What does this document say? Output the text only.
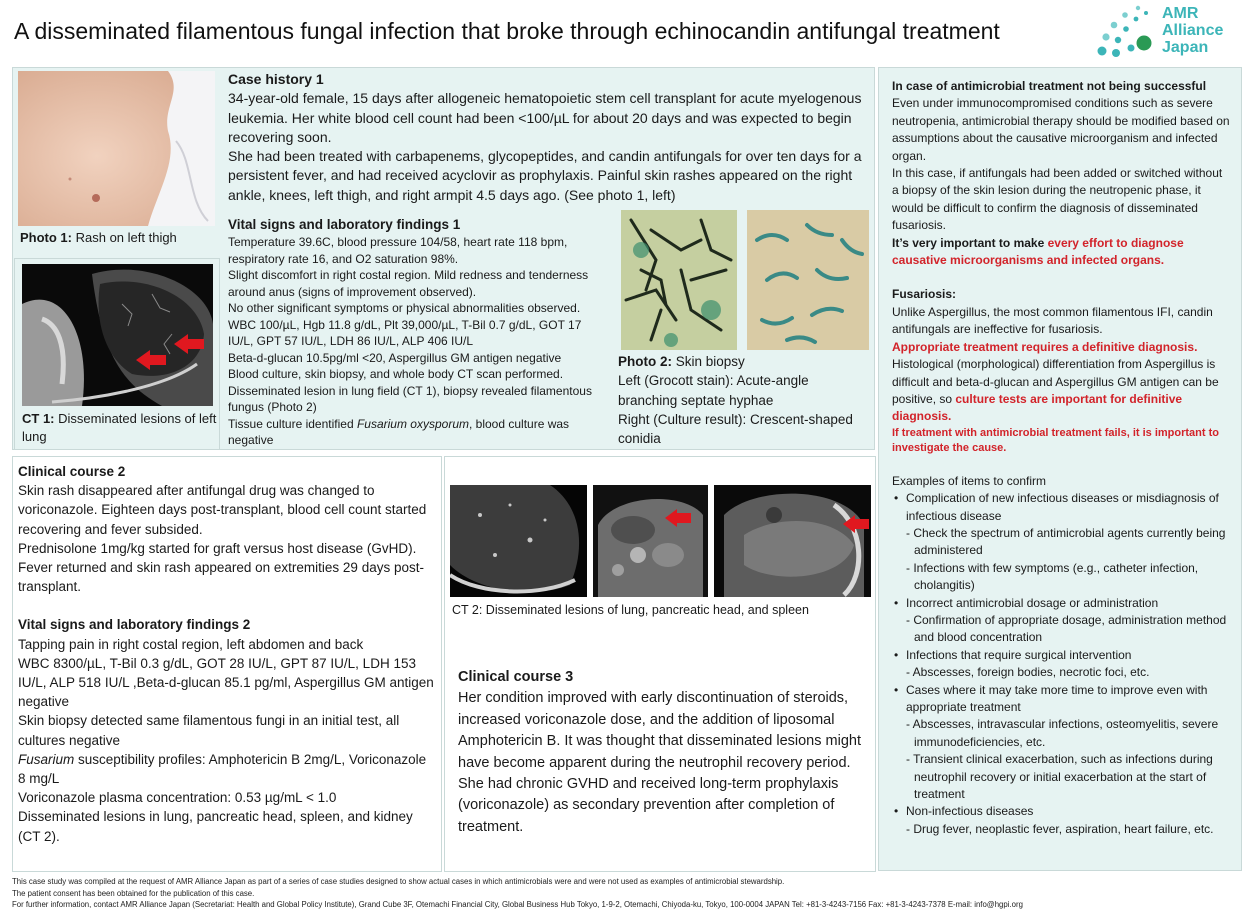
A disseminated filamentous fungal infection that broke through echinocandin antifungal treatment
AMR
Alliance
Japan
Photo 1: Rash on left thigh
CT 1: Disseminated lesions of left lung
Case history 1
34-year-old female, 15 days after allogeneic hematopoietic stem cell transplant for acute myelogenous leukemia. Her white blood cell count had been <100/µL for about 20 days and was expected to begin recovering soon.
She had been treated with carbapenems, glycopeptides, and candin antifungals for over ten days for a persistent fever, and had received acyclovir as prophylaxis. Painful skin rashes appeared on the right ankle, knees, left thigh, and right armpit 4.5 days ago. (See photo 1, left)
Vital signs and laboratory findings 1
Temperature 39.6C, blood pressure 104/58, heart rate 118 bpm, respiratory rate 16, and O2 saturation 98%.
Slight discomfort in right costal region. Mild redness and tenderness around anus (signs of improvement observed).
No other significant symptoms or physical abnormalities observed.
WBC 100/µL, Hgb 11.8 g/dL, Plt 39,000/µL, T-Bil 0.7 g/dL, GOT 17 IU/L, GPT 57 IU/L, LDH 86 IU/L, ALP 406 IU/L
Beta-d-glucan 10.5pg/ml <20, Aspergillus GM antigen negative
Blood culture, skin biopsy, and whole body CT scan performed.
Disseminated lesion in lung field (CT 1), biopsy revealed filamentous fungus (Photo 2)
Tissue culture identified Fusarium oxysporum, blood culture was negative
Photo 2: Skin biopsy
Left (Grocott stain): Acute-angle branching septate hyphae
Right (Culture result): Crescent-shaped conidia
In case of antimicrobial treatment not being successful
Even under immunocompromised conditions such as severe neutropenia, antimicrobial therapy should be modified based on assumptions about the causative microorganism and infected organ.
In this case, if antifungals had been added or switched without a biopsy of the skin lesion during the neutropenic phase, it would be difficult to confirm the diagnosis of disseminated fusariosis.
It’s very important to make every effort to diagnose causative microorganisms and infected organs.
Fusariosis:
Unlike Aspergillus, the most common filamentous IFI, candin antifungals are ineffective for fusariosis.
Appropriate treatment requires a definitive diagnosis. Histological (morphological) differentiation from Aspergillus is difficult and beta-d-glucan and Aspergillus GM antigen can be positive, so culture tests are important for definitive diagnosis.
If treatment with antimicrobial treatment fails, it is important to investigate the cause.
Examples of items to confirm
• Complication of new infectious diseases or misdiagnosis of infectious disease
- Check the spectrum of antimicrobial agents currently being administered
- Infections with few symptoms (e.g., catheter infection, cholangitis)
• Incorrect antimicrobial dosage or administration
- Confirmation of appropriate dosage, administration method and blood concentration
• Infections that require surgical intervention
- Abscesses, foreign bodies, necrotic foci, etc.
• Cases where it may take more time to improve even with appropriate treatment
- Abscesses, intravascular infections, osteomyelitis, severe immunodeficiencies, etc.
- Transient clinical exacerbation, such as infections during neutrophil recovery or initial exacerbation at the start of treatment
• Non-infectious diseases
- Drug fever, neoplastic fever, aspiration, heart failure, etc.
Clinical course 2
Skin rash disappeared after antifungal drug was changed to voriconazole. Eighteen days post-transplant, blood cell count started recovering and fever subsided.
Prednisolone 1mg/kg started for graft versus host disease (GvHD).
Fever returned and skin rash appeared on extremities 29 days post-transplant.
Vital signs and laboratory findings 2
Tapping pain in right costal region, left abdomen and back
WBC 8300/µL, T-Bil 0.3 g/dL, GOT 28 IU/L, GPT 87 IU/L, LDH 153 IU/L, ALP 518 IU/L ,Beta-d-glucan 85.1 pg/ml, Aspergillus GM antigen negative
Skin biopsy detected same filamentous fungi in an initial test, all cultures negative
Fusarium susceptibility profiles: Amphotericin B 2mg/L, Voriconazole 8 mg/L
Voriconazole plasma concentration: 0.53 µg/mL < 1.0
Disseminated lesions in lung, pancreatic head, spleen, and kidney (CT 2).
CT 2: Disseminated lesions of lung, pancreatic head, and spleen
Clinical course 3
Her condition improved with early discontinuation of steroids, increased voriconazole dose, and the addition of liposomal Amphotericin B. It was thought that disseminated lesions might have become apparent during the neutrophil recovery period. She had chronic GVHD and received long-term prophylaxis (voriconazole) as secondary prevention after completion of treatment.
This case study was compiled at the request of AMR Alliance Japan as part of a series of case studies designed to show actual cases in which antimicrobials were and were not used as examples of antimicrobial stewardship.
The patient consent has been obtained for the publication of this case.
For further information, contact AMR Alliance Japan (Secretariat: Health and Global Policy Institute), Grand Cube 3F, Otemachi Financial City, Global Business Hub Tokyo, 1-9-2, Otemachi, Chiyoda-ku, Tokyo, 100-0004 JAPAN Tel: +81-3-4243-7156 Fax: +81-3-4243-7378 E-mail: info@hgpi.org
